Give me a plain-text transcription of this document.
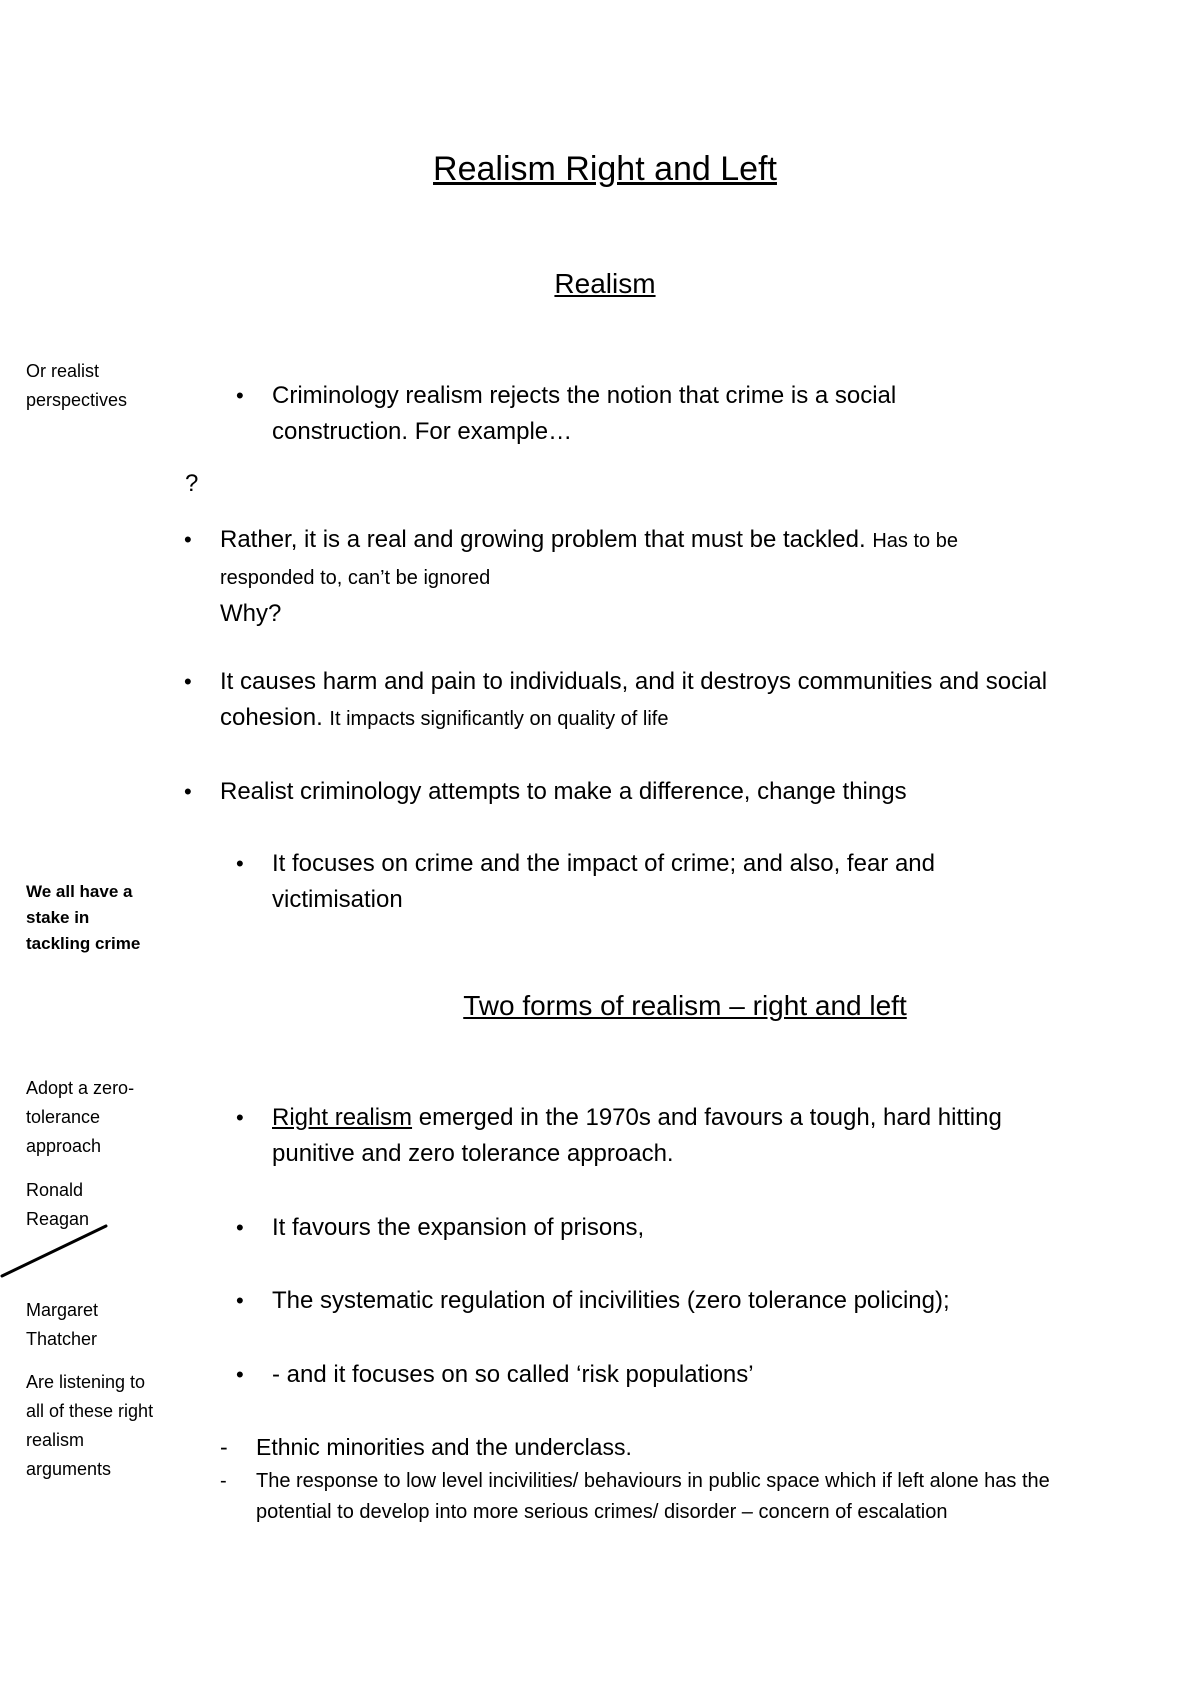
Realism Right and Left
Realism
Or realist perspectives	• Criminology realism rejects the notion that crime is a social construction. For example…
?
• Rather, it is a real and growing problem that must be tackled. Has to be responded to, can’t be ignored
Why?
• It causes harm and pain to individuals, and it destroys communities and social cohesion. It impacts significantly on quality of life
• Realist criminology attempts to make a difference, change things
• It focuses on crime and the impact of crime; and also, fear and victimisation
We all have a stake in tackling crime
Two forms of realism – right and left
Adopt a zero-tolerance approach
Ronald Reagan
Margaret Thatcher
Are listening to all of these right realism arguments
• Right realism emerged in the 1970s and favours a tough, hard hitting punitive and zero tolerance approach.
• It favours the expansion of prisons,
• The systematic regulation of incivilities (zero tolerance policing);
• - and it focuses on so called ‘risk populations’
- Ethnic minorities and the underclass.
- The response to low level incivilities/ behaviours in public space which if left alone has the potential to develop into more serious crimes/ disorder – concern of escalation
